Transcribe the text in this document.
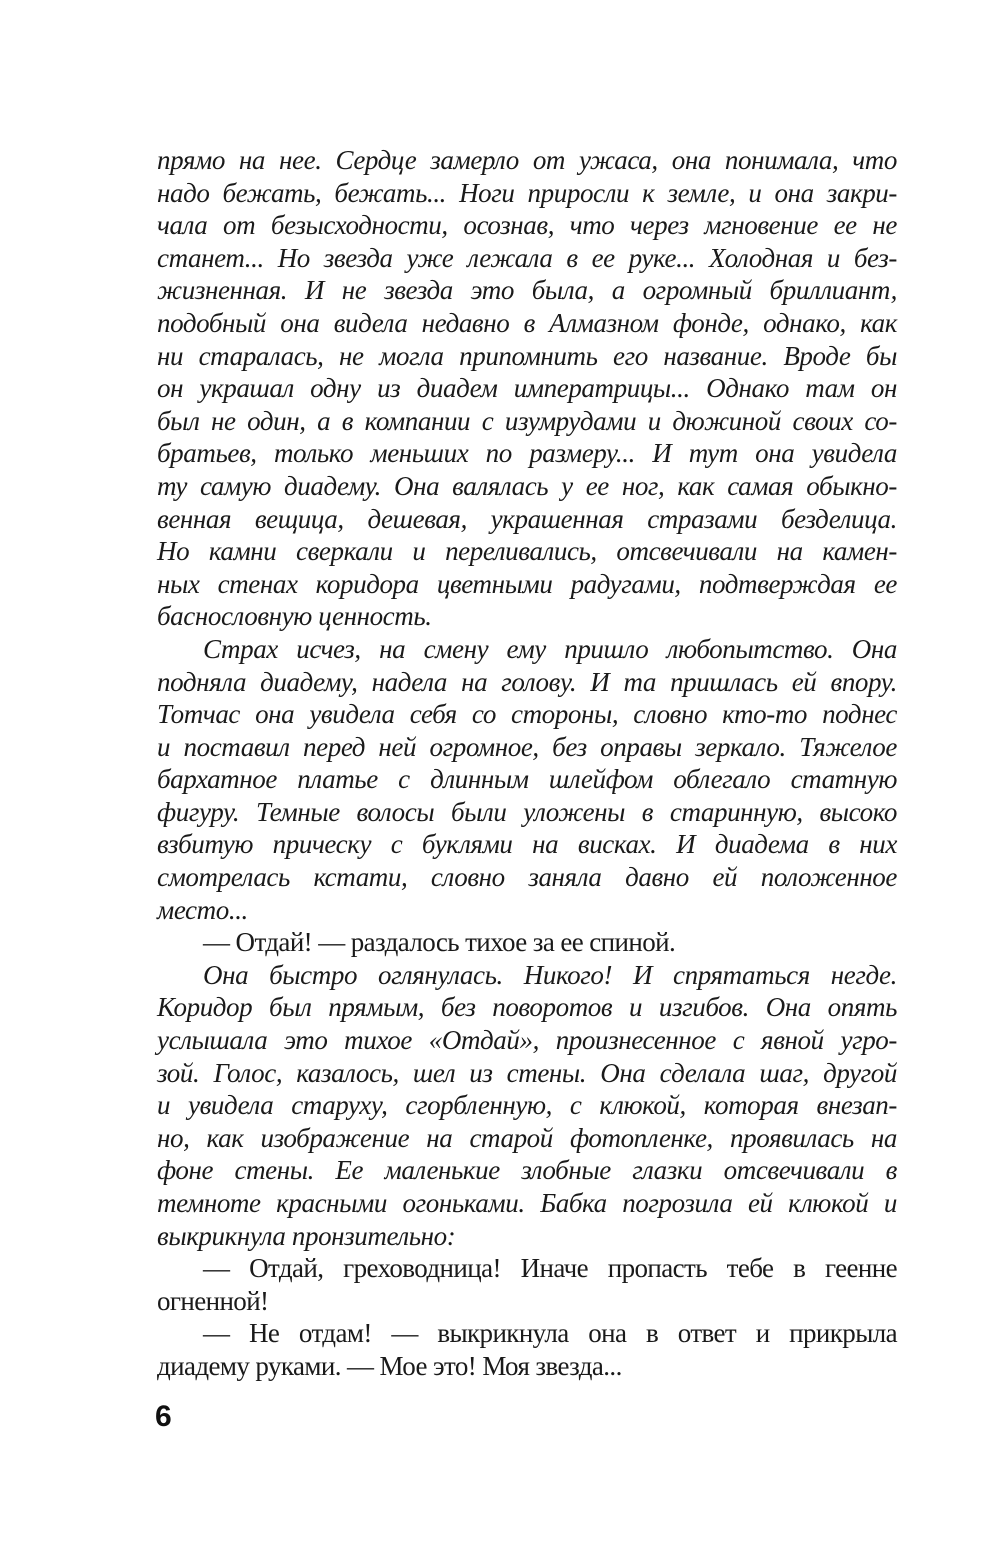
прямо на нее. Сердце замерло от ужаса, она понимала, что
надо бежать, бежать... Ноги приросли к земле, и она закри-
чала от безысходности, осознав, что через мгновение ее не
станет... Но звезда уже лежала в ее руке... Холодная и без-
жизненная. И не звезда это была, а огромный бриллиант,
подобный она видела недавно в Алмазном фонде, однако, как
ни старалась, не могла припомнить его название. Вроде бы
он украшал одну из диадем императрицы... Однако там он
был не один, а в компании с изумрудами и дюжиной своих со-
братьев, только меньших по размеру... И тут она увидела
ту самую диадему. Она валялась у ее ног, как самая обыкно-
венная вещица, дешевая, украшенная стразами безделица.
Но камни сверкали и переливались, отсвечивали на камен-
ных стенах коридора цветными радугами, подтверждая ее
баснословную ценность.
Страх исчез, на смену ему пришло любопытство. Она
подняла диадему, надела на голову. И та пришлась ей впору.
Тотчас она увидела себя со стороны, словно кто-то поднес
и поставил перед ней огромное, без оправы зеркало. Тяжелое
бархатное платье с длинным шлейфом облегало статную
фигуру. Темные волосы были уложены в старинную, высоко
взбитую прическу с буклями на висках. И диадема в них
смотрелась кстати, словно заняла давно ей положенное
место...
— Отдай! — раздалось тихое за ее спиной.
Она быстро оглянулась. Никого! И спрятаться негде.
Коридор был прямым, без поворотов и изгибов. Она опять
услышала это тихое «Отдай», произнесенное с явной угро-
зой. Голос, казалось, шел из стены. Она сделала шаг, другой
и увидела старуху, сгорбленную, с клюкой, которая внезап-
но, как изображение на старой фотопленке, проявилась на
фоне стены. Ее маленькие злобные глазки отсвечивали в
темноте красными огоньками. Бабка погрозила ей клюкой и
выкрикнула пронзительно:
— Отдай, греховодница! Иначе пропасть тебе в геенне
огненной!
— Не отдам! — выкрикнула она в ответ и прикрыла
диадему руками. — Мое это! Моя звезда...
6
